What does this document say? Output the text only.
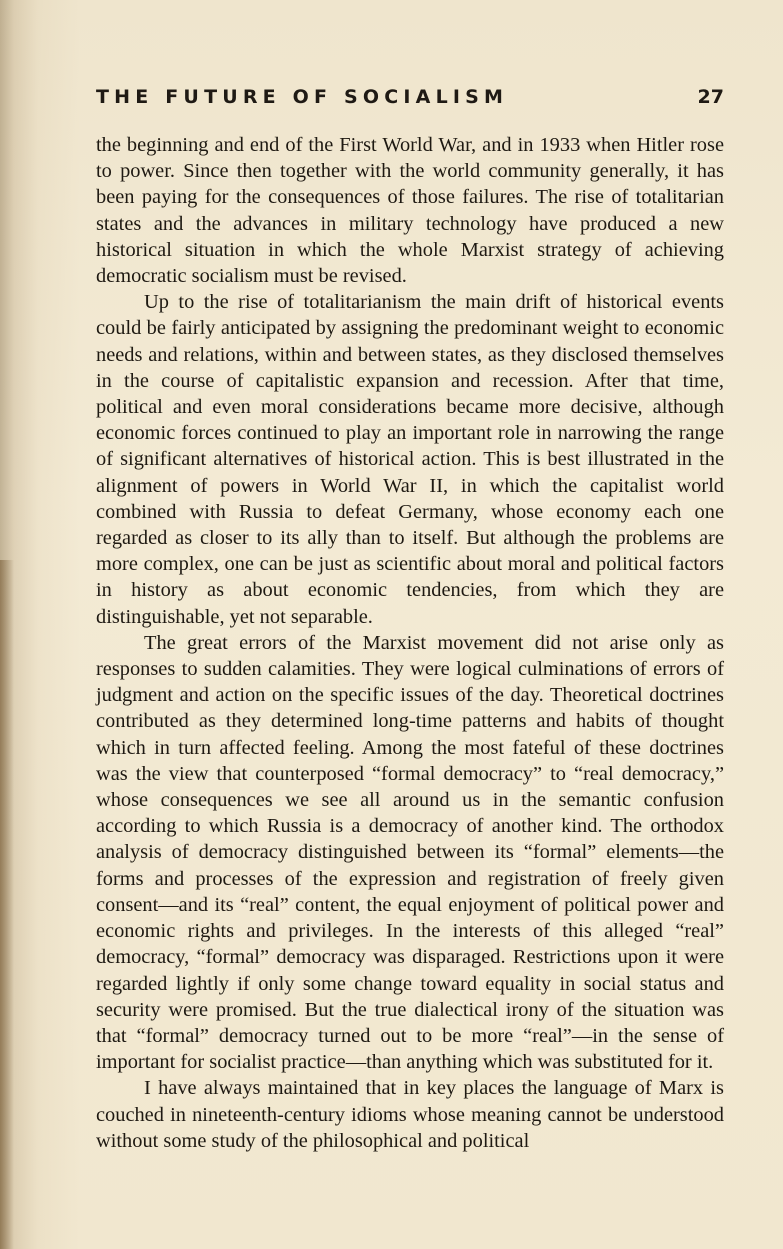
THE FUTURE OF SOCIALISM	27

the beginning and end of the First World War, and in 1933 when Hitler rose to power. Since then together with the world community generally, it has been paying for the consequences of those failures. The rise of totalitarian states and the advances in military technology have produced a new historical situation in which the whole Marxist strategy of achieving democratic socialism must be revised.

Up to the rise of totalitarianism the main drift of historical events could be fairly anticipated by assigning the predominant weight to economic needs and relations, within and between states, as they disclosed themselves in the course of capitalistic expansion and recession. After that time, political and even moral considerations became more decisive, although economic forces continued to play an important role in narrowing the range of significant alternatives of historical action. This is best illustrated in the alignment of powers in World War II, in which the capitalist world combined with Russia to defeat Germany, whose economy each one regarded as closer to its ally than to itself. But although the problems are more complex, one can be just as scientific about moral and political factors in history as about economic tendencies, from which they are distinguishable, yet not separable.

The great errors of the Marxist movement did not arise only as responses to sudden calamities. They were logical culminations of errors of judgment and action on the specific issues of the day. Theoretical doctrines contributed as they determined long-time patterns and habits of thought which in turn affected feeling. Among the most fateful of these doctrines was the view that counterposed “formal democracy” to “real democracy,” whose consequences we see all around us in the semantic confusion according to which Russia is a democracy of another kind. The orthodox analysis of democracy distinguished between its “formal” elements—the forms and processes of the expression and registration of freely given consent—and its “real” content, the equal enjoyment of political power and economic rights and privileges. In the interests of this alleged “real” democracy, “formal” democracy was disparaged. Restrictions upon it were regarded lightly if only some change toward equality in social status and security were promised. But the true dialectical irony of the situation was that “formal” democracy turned out to be more “real”—in the sense of important for socialist practice—than anything which was substituted for it.

I have always maintained that in key places the language of Marx is couched in nineteenth-century idioms whose meaning cannot be understood without some study of the philosophical and political
